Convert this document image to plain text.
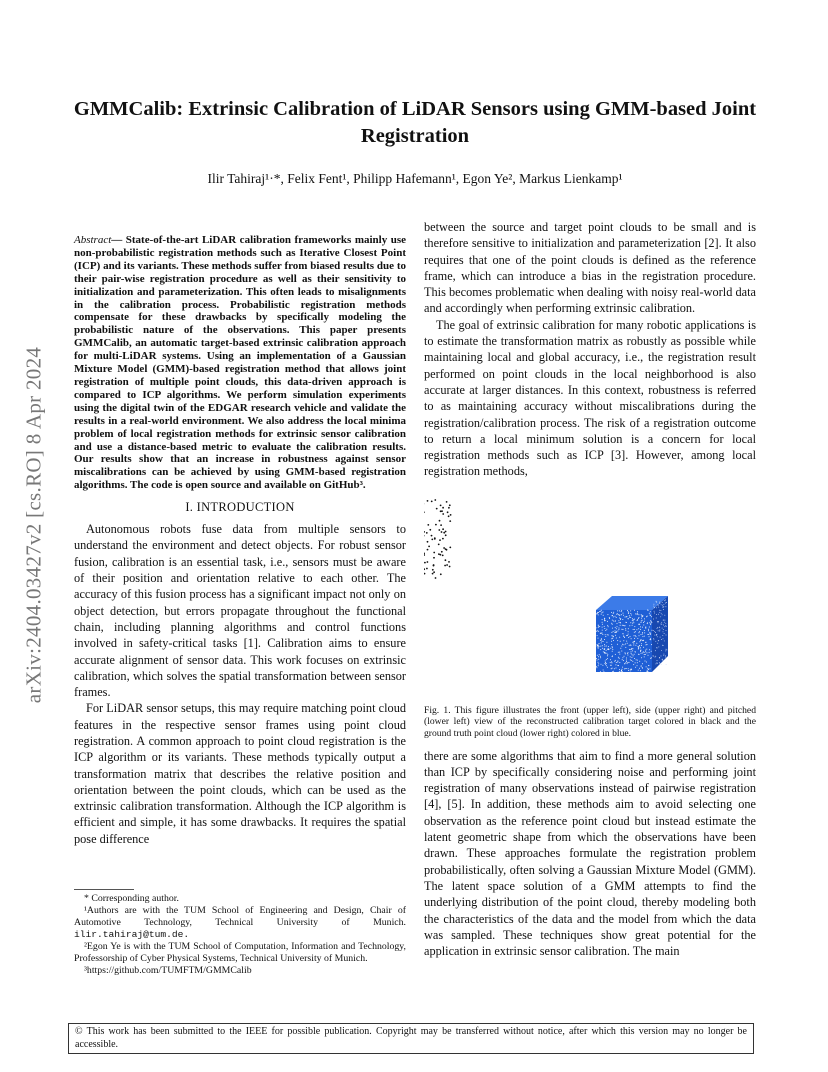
arXiv:2404.03427v2 [cs.RO] 8 Apr 2024
GMMCalib: Extrinsic Calibration of LiDAR Sensors using GMM-based Joint Registration
Ilir Tahiraj¹·*, Felix Fent¹, Philipp Hafemann¹, Egon Ye², Markus Lienkamp¹

Abstract— State-of-the-art LiDAR calibration frameworks mainly use non-probabilistic registration methods such as Iterative Closest Point (ICP) and its variants. These methods suffer from biased results due to their pair-wise registration procedure as well as their sensitivity to initialization and parameterization. This often leads to misalignments in the calibration process. Probabilistic registration methods compensate for these drawbacks by specifically modeling the probabilistic nature of the observations. This paper presents GMMCalib, an automatic target-based extrinsic calibration approach for multi-LiDAR systems. Using an implementation of a Gaussian Mixture Model (GMM)-based registration method that allows joint registration of multiple point clouds, this data-driven approach is compared to ICP algorithms. We perform simulation experiments using the digital twin of the EDGAR research vehicle and validate the results in a real-world environment. We also address the local minima problem of local registration methods for extrinsic sensor calibration and use a distance-based metric to evaluate the calibration results. Our results show that an increase in robustness against sensor miscalibrations can be achieved by using GMM-based registration algorithms. The code is open source and available on GitHub³.

I. INTRODUCTION

Autonomous robots fuse data from multiple sensors to understand the environment and detect objects. For robust sensor fusion, calibration is an essential task, i.e., sensors must be aware of their position and orientation relative to each other. The accuracy of this fusion process has a significant impact not only on object detection, but errors propagate throughout the functional chain, including planning algorithms and control functions involved in safety-critical tasks [1]. Calibration aims to ensure accurate alignment of sensor data. This work focuses on extrinsic calibration, which solves the spatial transformation between sensor frames.

For LiDAR sensor setups, this may require matching point cloud features in the respective sensor frames using point cloud registration. A common approach to point cloud registration is the ICP algorithm or its variants. These methods typically output a transformation matrix that describes the relative position and orientation between the point clouds, which can be used as the extrinsic calibration transformation. Although the ICP algorithm is efficient and simple, it has some drawbacks. It requires the spatial pose difference

* Corresponding author.

¹Authors are with the TUM School of Engineering and Design, Chair of Automotive Technology, Technical University of Munich. ilir.tahiraj@tum.de.

²Egon Ye is with the TUM School of Computation, Information and Technology, Professorship of Cyber Physical Systems, Technical University of Munich.

³https://github.com/TUMFTM/GMMCalib

between the source and target point clouds to be small and is therefore sensitive to initialization and parameterization [2]. It also requires that one of the point clouds is defined as the reference frame, which can introduce a bias in the registration procedure. This becomes problematic when dealing with noisy real-world data and accordingly when performing extrinsic calibration.

The goal of extrinsic calibration for many robotic applications is to estimate the transformation matrix as robustly as possible while maintaining local and global accuracy, i.e., the registration result performed on point clouds in the local neighborhood is also accurate at larger distances. In this context, robustness is referred to as maintaining accuracy without miscalibrations during the registration/calibration process. The risk of a registration outcome to return a local minimum solution is a concern for local registration methods such as ICP [3]. However, among local registration methods,

Fig. 1. This figure illustrates the front (upper left), side (upper right) and pitched (lower left) view of the reconstructed calibration target colored in black and the ground truth point cloud (lower right) colored in blue.

there are some algorithms that aim to find a more general solution than ICP by specifically considering noise and performing joint registration of many observations instead of pairwise registration [4], [5]. In addition, these methods aim to avoid selecting one observation as the reference point cloud but instead estimate the latent geometric shape from which the observations have been drawn. These approaches formulate the registration problem probabilistically, often solving a Gaussian Mixture Model (GMM). The latent space solution of a GMM attempts to find the underlying distribution of the point cloud, thereby modeling both the characteristics of the data and the model from which the data was sampled. These techniques show great potential for the application in extrinsic sensor calibration. The main

© This work has been submitted to the IEEE for possible publication. Copyright may be transferred without notice, after which this version may no longer be accessible.
